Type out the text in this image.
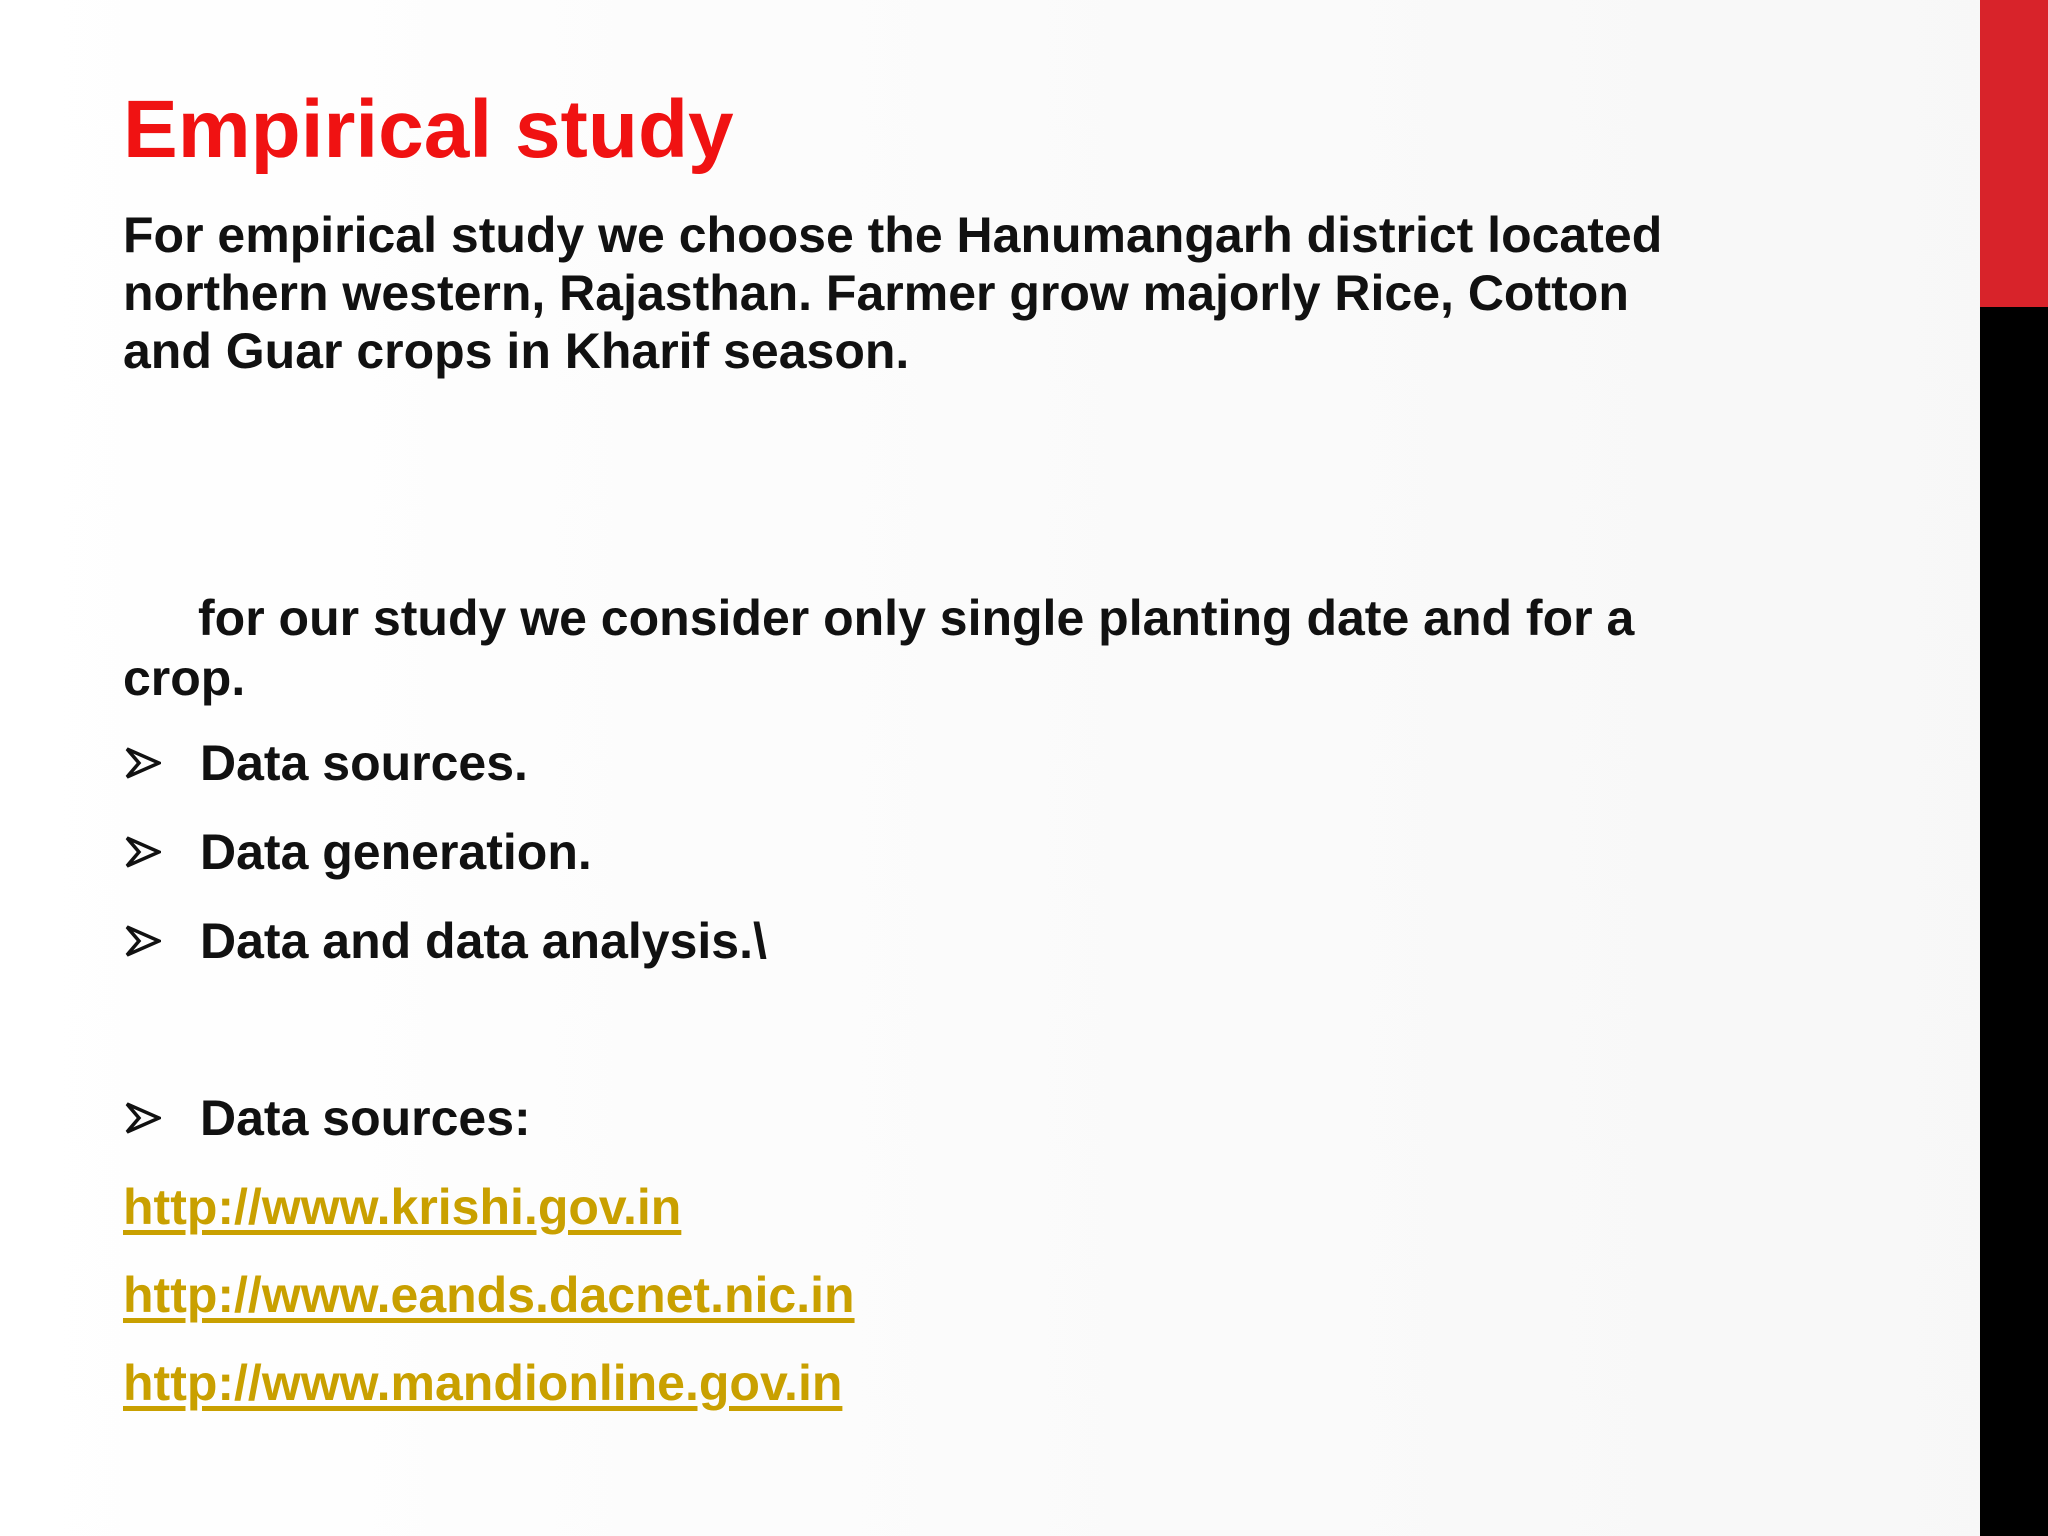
Empirical study

For empirical study we choose the Hanumangarh district located
northern western, Rajasthan. Farmer grow majorly Rice, Cotton
and Guar crops in Kharif season.

for our study we consider only single planting date and for a
crop.

Data sources.
Data generation.
Data and data analysis.\
Data sources:
http://www.krishi.gov.in
http://www.eands.dacnet.nic.in
http://www.mandionline.gov.in
